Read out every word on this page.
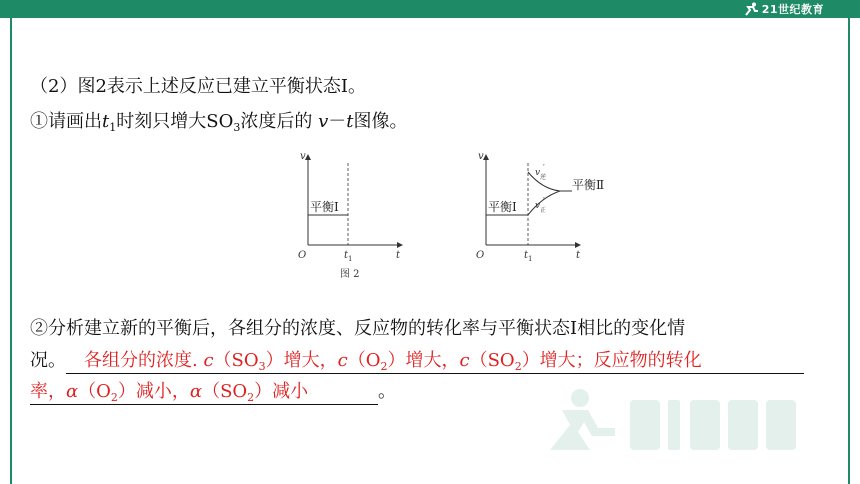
21世纪教育
（2）图2表示上述反应已建立平衡状态Ⅰ。
①请画出$t_1$时刻只增大$SO_3$浓度后的 v－t图像。
v
t
O	t 1
平衡Ⅰ
图 2
v
t
O	t 1
平衡Ⅰ
平衡Ⅱ
v 逆
′
v 正
′
②分析建立新的平衡后，各组分的浓度、反应物的转化率与平衡状态Ⅰ相比的变化情
况。 各组分的浓度. $c(SO_3)$增大，$c(O_2)$增大，$c(SO_2)$增大；反应物的转化
率，$\alpha(O_2)$减小，$\alpha(SO_2)$减小	。
